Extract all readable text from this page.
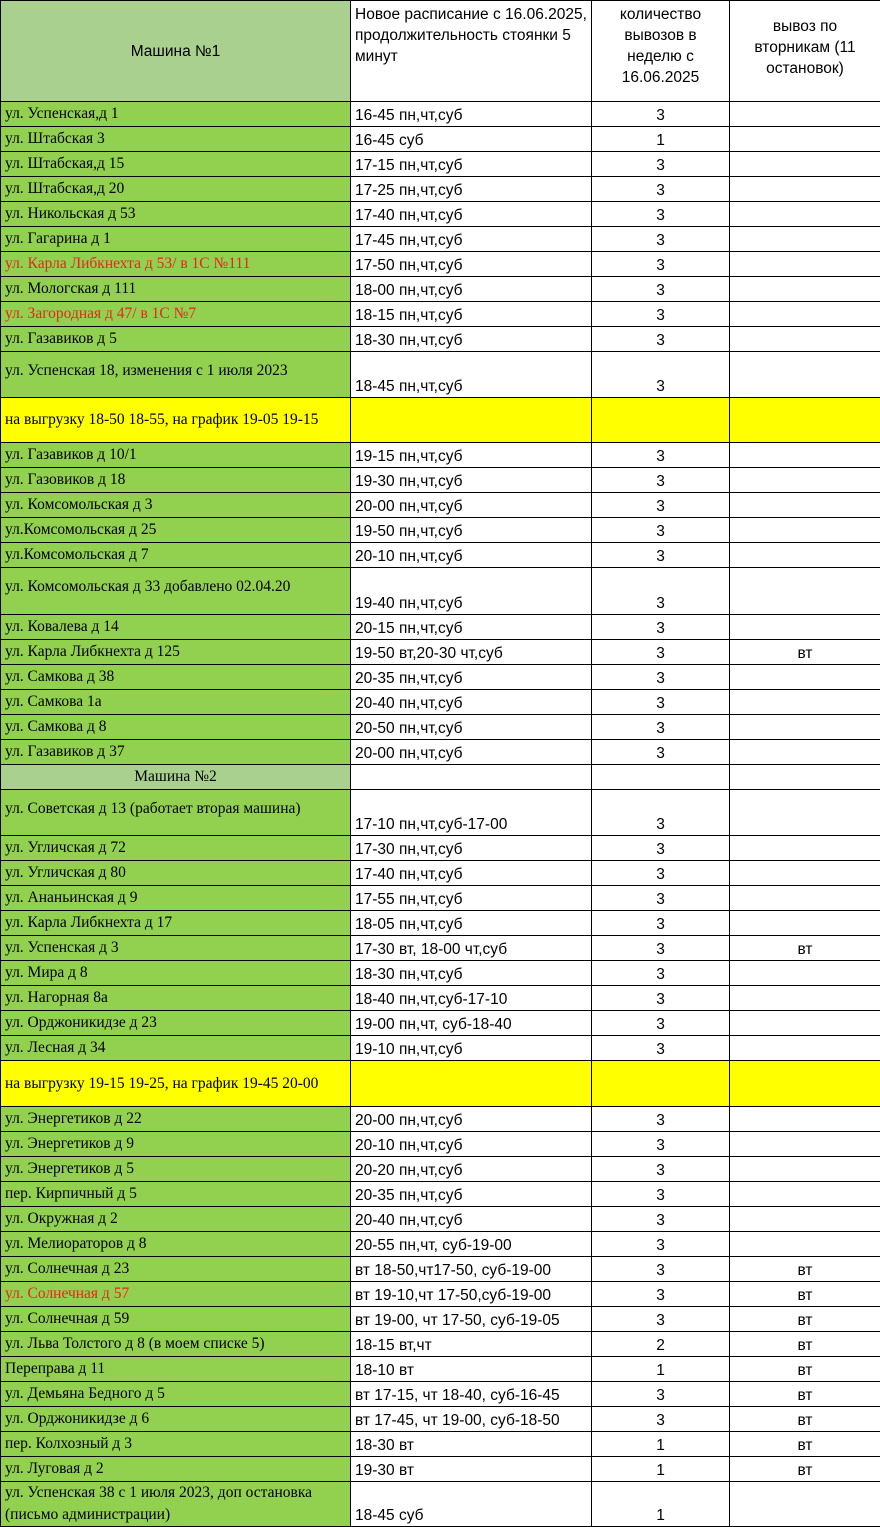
Машина №1	Новое расписание с 16.06.2025, продолжительность стоянки 5 минут	количество вывозов в неделю с 16.06.2025	вывоз по вторникам (11 остановок)
ул. Успенская,д 1	16-45 пн,чт,суб	3	
ул. Штабская 3	16-45 суб	1	
ул. Штабская,д 15	17-15 пн,чт,суб	3	
ул. Штабская,д 20	17-25 пн,чт,суб	3	
ул. Никольская д 53	17-40 пн,чт,суб	3	
ул. Гагарина д 1	17-45 пн,чт,суб	3	
ул. Карла Либкнехта д 53/ в 1С №111	17-50 пн,чт,суб	3	
ул. Мологская д 111	18-00 пн,чт,суб	3	
ул. Загородная д 47/ в 1С №7	18-15 пн,чт,суб	3	
ул. Газавиков д 5	18-30 пн,чт,суб	3	
ул. Успенская 18, изменения с 1 июля 2023	18-45 пн,чт,суб	3	
на выгрузку 18-50 18-55, на график 19-05 19-15			
ул. Газавиков д 10/1	19-15 пн,чт,суб	3	
ул. Газовиков д 18	19-30 пн,чт,суб	3	
ул. Комсомольская д 3	20-00 пн,чт,суб	3	
ул.Комсомольская д 25	19-50 пн,чт,суб	3	
ул.Комсомольская д 7	20-10 пн,чт,суб	3	
ул. Комсомольская д 33 добавлено 02.04.20	19-40 пн,чт,суб	3	
ул. Ковалева д 14	20-15 пн,чт,суб	3	
ул. Карла Либкнехта д 125	19-50 вт,20-30 чт,суб	3	вт
ул. Самкова д 38	20-35 пн,чт,суб	3	
ул. Самкова 1а	20-40 пн,чт,суб	3	
ул. Самкова д 8	20-50 пн,чт,суб	3	
ул. Газавиков д 37	20-00 пн,чт,суб	3	
Машина №2			
ул. Советская д 13 (работает вторая машина)	17-10 пн,чт,суб-17-00	3	
ул. Угличская д 72	17-30 пн,чт,суб	3	
ул. Угличская д 80	17-40 пн,чт,суб	3	
ул. Ананьинская д 9	17-55 пн,чт,суб	3	
ул. Карла Либкнехта д 17	18-05 пн,чт,суб	3	
ул. Успенская д 3	17-30 вт, 18-00 чт,суб	3	вт
ул. Мира д 8	18-30 пн,чт,суб	3	
ул. Нагорная 8а	18-40 пн,чт,суб-17-10	3	
ул. Орджоникидзе д 23	19-00 пн,чт, суб-18-40	3	
ул. Лесная д 34	19-10 пн,чт,суб	3	
на выгрузку 19-15 19-25, на график 19-45 20-00			
ул. Энергетиков д 22	20-00 пн,чт,суб	3	
ул. Энергетиков д 9	20-10 пн,чт,суб	3	
ул. Энергетиков д 5	20-20 пн,чт,суб	3	
пер. Кирпичный д 5	20-35 пн,чт,суб	3	
ул. Окружная д 2	20-40 пн,чт,суб	3	
ул. Мелиораторов д 8	20-55 пн,чт, суб-19-00	3	
ул. Солнечная д 23	вт 18-50,чт17-50, суб-19-00	3	вт
ул. Солнечная д 57	вт 19-10,чт 17-50,суб-19-00	3	вт
ул. Солнечная д 59	вт 19-00, чт 17-50, суб-19-05	3	вт
ул. Льва Толстого д 8 (в моем списке 5)	18-15 вт,чт	2	вт
Переправа д 11	18-10 вт	1	вт
ул. Демьяна Бедного д 5	вт 17-15, чт 18-40, суб-16-45	3	вт
ул. Орджоникидзе д 6	вт 17-45, чт 19-00, суб-18-50	3	вт
пер. Колхозный д 3	18-30 вт	1	вт
ул. Луговая д 2	19-30 вт	1	вт
ул. Успенская 38 с 1 июля 2023, доп остановка (письмо администрации)	18-45 суб	1	
